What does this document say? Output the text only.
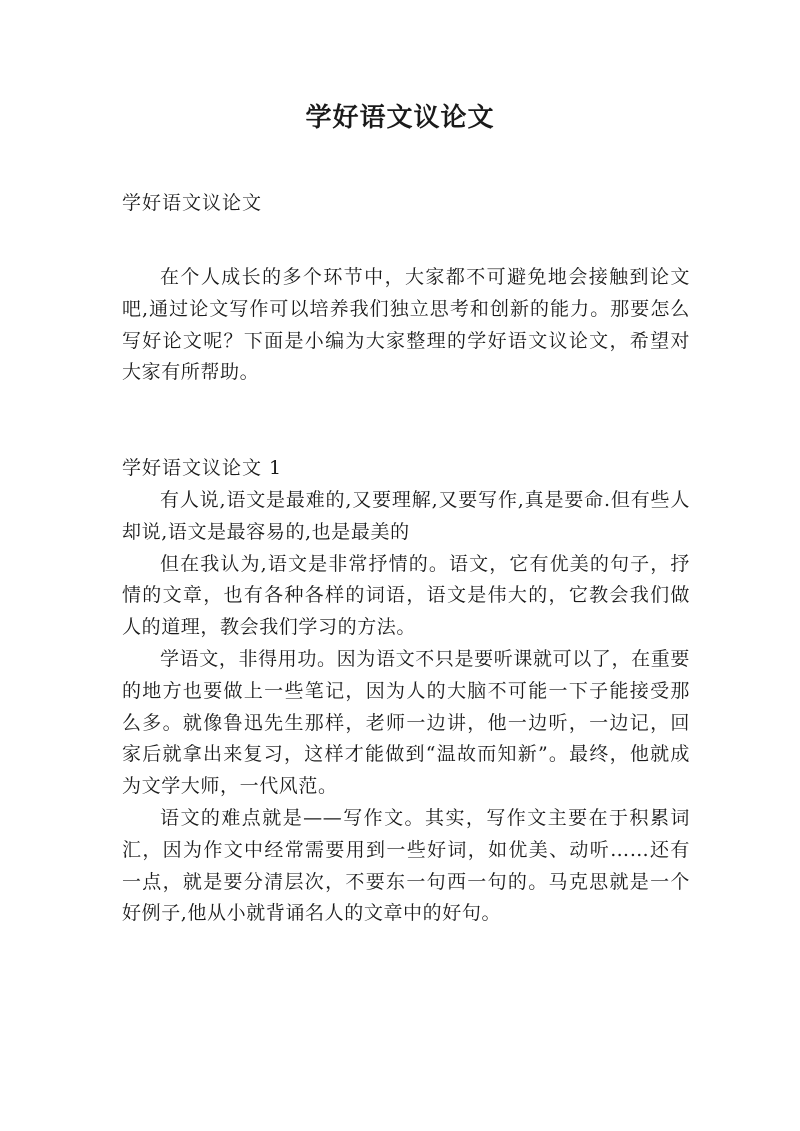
学好语文议论文
学好语文议论文

在个人成长的多个环节中，大家都不可避免地会接触到论文吧,通过论文写作可以培养我们独立思考和创新的能力。那要怎么写好论文呢？下面是小编为大家整理的学好语文议论文，希望对大家有所帮助。

学好语文议论文 1

有人说,语文是最难的,又要理解,又要写作,真是要命.但有些人却说,语文是最容易的,也是最美的

但在我认为,语文是非常抒情的。语文，它有优美的句子，抒情的文章，也有各种各样的词语，语文是伟大的，它教会我们做人的道理，教会我们学习的方法。

学语文，非得用功。因为语文不只是要听课就可以了，在重要的地方也要做上一些笔记，因为人的大脑不可能一下子能接受那么多。就像鲁迅先生那样，老师一边讲，他一边听，一边记，回家后就拿出来复习，这样才能做到“温故而知新”。最终，他就成为文学大师，一代风范。

语文的难点就是——写作文。其实，写作文主要在于积累词汇，因为作文中经常需要用到一些好词，如优美、动听……还有一点，就是要分清层次，不要东一句西一句的。马克思就是一个好例子,他从小就背诵名人的文章中的好句。
